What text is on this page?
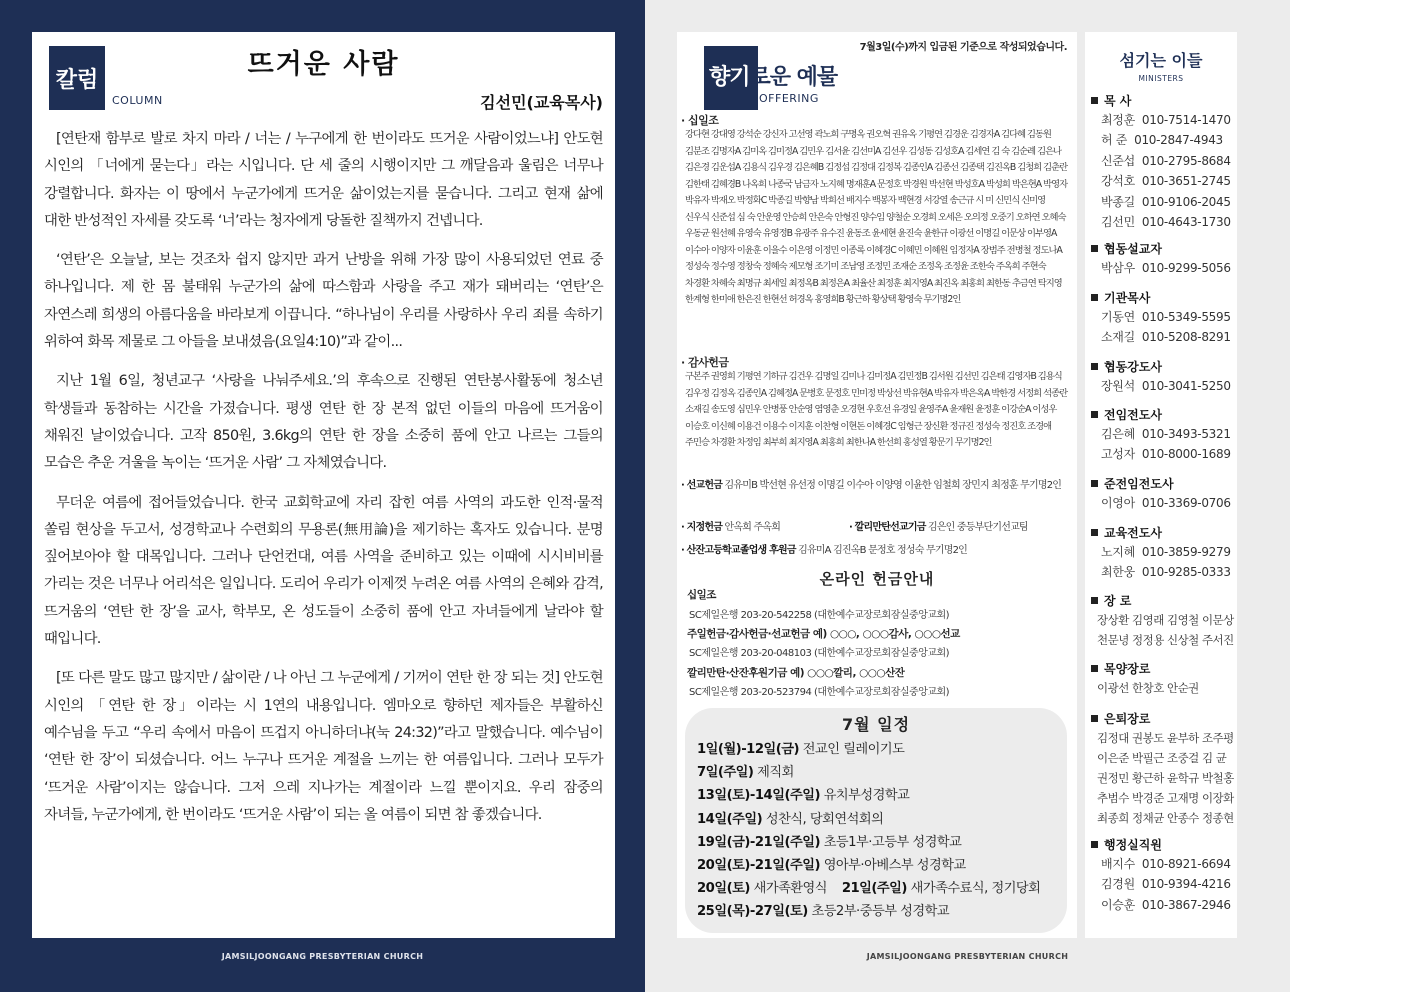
칼럼
COLUMN
뜨거운 사람
김선민(교육목사)

[연탄재 함부로 발로 차지 마라 / 너는 / 누구에게 한 번이라도 뜨거운 사람이었느냐] 안도현 시인의 「너에게 묻는다」라는 시입니다. 단 세 줄의 시행이지만 그 깨달음과 울림은 너무나 강렬합니다. 화자는 이 땅에서 누군가에게 뜨거운 삶이었는지를 묻습니다. 그리고 현재 삶에 대한 반성적인 자세를 갖도록 ‘너’라는 청자에게 당돌한 질책까지 건넵니다.

‘연탄’은 오늘날, 보는 것조차 쉽지 않지만 과거 난방을 위해 가장 많이 사용되었던 연료 중 하나입니다. 제 한 몸 불태워 누군가의 삶에 따스함과 사랑을 주고 재가 돼버리는 ‘연탄’은 자연스레 희생의 아름다움을 바라보게 이끕니다. “하나님이 우리를 사랑하사 우리 죄를 속하기 위하여 화목 제물로 그 아들을 보내셨음(요일4:10)”과 같이...

지난 1월 6일, 청년교구 ‘사랑을 나눠주세요.’의 후속으로 진행된 연탄봉사활동에 청소년 학생들과 동참하는 시간을 가졌습니다. 평생 연탄 한 장 본적 없던 이들의 마음에 뜨거움이 채워진 날이었습니다. 고작 850원, 3.6kg의 연탄 한 장을 소중히 품에 안고 나르는 그들의 모습은 추운 겨울을 녹이는 ‘뜨거운 사람’ 그 자체였습니다.

무더운 여름에 접어들었습니다. 한국 교회학교에 자리 잡힌 여름 사역의 과도한 인적·물적 쏠림 현상을 두고서, 성경학교나 수련회의 무용론(無用論)을 제기하는 혹자도 있습니다. 분명 짚어보아야 할 대목입니다. 그러나 단언컨대, 여름 사역을 준비하고 있는 이때에 시시비비를 가리는 것은 너무나 어리석은 일입니다. 도리어 우리가 이제껏 누려온 여름 사역의 은혜와 감격, 뜨거움의 ‘연탄 한 장’을 교사, 학부모, 온 성도들이 소중히 품에 안고 자녀들에게 날라야 할 때입니다.

[또 다른 말도 많고 많지만 / 삶이란 / 나 아닌 그 누군에게 / 기꺼이 연탄 한 장 되는 것] 안도현 시인의 「연탄 한 장」이라는 시 1연의 내용입니다. 엠마오로 향하던 제자들은 부활하신 예수님을 두고 “우리 속에서 마음이 뜨겁지 아니하더냐(눅 24:32)”라고 말했습니다. 예수님이 ‘연탄 한 장’이 되셨습니다. 어느 누구나 뜨거운 계절을 느끼는 한 여름입니다. 그러나 모두가 ‘뜨거운 사람’이지는 않습니다. 그저 으레 지나가는 계절이라 느낄 뿐이지요. 우리 잠중의 자녀들, 누군가에게, 한 번이라도 ‘뜨거운 사람’이 되는 올 여름이 되면 참 좋겠습니다.

JAMSILJOONGANG PRESBYTERIAN CHURCH
7월3일(수)까지 입금된 기준으로 작성되었습니다.
향기로운 예물
OFFERING
· 십일조
강다현 강대영 강석순 강신자 고선영 곽노희 구명옥 권오혁 권유옥 기평연 김경운 김경자A 김다혜 김동원 김분조 김명자A 김미옥 김미정A 김민우 김서윤 김선미A 김선우 김성동 김성호A 김세연 김 숙 김순례 김은나 김은경 김운섭A 김용식 김우경 김은혜B 김정섭 김정대 김정복 김종인A 김종선 김종택 김진옥B 김청희 김춘란 김한태 김혜경B 나옥희 나종국 남금자 노지혜 명재훈A 문정호 박경원 박선현 박성호A 박성희 박은현A 박영자 박유자 박재오 박정화C 박종길 박향남 박희선 배지수 백봉자 백현경 서강열 송근규 시 미 신민식 신미영 신우식 신준섭 심 숙 안운영 안승희 안은숙 안형진 양수임 양철순 오경희 오세은 오의정 오중기 오하연 오혜숙 우동균 원선혜 유영숙 유영정B 유광주 유수진 윤동조 윤세현 윤진숙 윤한규 이광선 이명길 이문상 이부영A 이수아 이양자 이윤훈 이을수 이은영 이정민 이종록 이혜경C 이혜민 이혜원 임정자A 장범주 전병철 정도나A 정성숙 정수영 정창숙 정혜숙 제모형 조기미 조남영 조정민 조재순 조정옥 조정윤 조한숙 주옥희 주현숙 차경환 차혜숙 최명규 최세일 최정옥B 최정은A 최율산 최정훈 최지영A 최진옥 최홍희 최한동 추금연 탁지영 한계형 한미애 한은진 한현선 허경옥 홍영희B 황근하 황상택 황영숙 무기명2인
· 감사헌금
구본주 권영희 기평연 기하규 김건우 김명일 김미나 김미정A 김민정B 김서원 김선민 김은태 김영자B 김용식 김우정 김정옥 김종인A 김혜정A 문병호 문정호 민미정 박상선 박유현A 박유자 박은옥A 박한경 서정희 석종란 소재길 송도영 심민우 안병풍 안순영 염영춘 오경현 우호선 유경일 윤영주A 윤재원 윤정훈 이강순A 이성우 이승호 이신혜 이용건 이용수 이지훈 이찬형 이현돈 이혜경C 임형근 장신환 정규진 정성숙 정진호 조경애 주민승 차경환 차정임 최부희 최지영A 최홍희 최한나A 한선희 홍성열 황문기 무기명2인
· 선교헌금 김유미B 박선현 유선정 이명길 이수아 이양영 이윤한 임철희 장민지 최정훈 무기명2인
· 지정헌금 안옥희 주옥희	· 깔리만탄선교기금 김은인 중등부단기선교팀
· 산잔고등학교졸업생 후원금 김유미A 김진옥B 문정호 정성숙 무기명2인
온라인 헌금안내
십일조
SC제일은행 203-20-542258 (대한예수교장로회잠실중앙교회)
주일헌금·감사헌금·선교헌금 예) ○○○, ○○○감사, ○○○선교
SC제일은행 203-20-048103 (대한예수교장로회잠실중앙교회)
깔리만탄·산잔후원기금 예) ○○○깔리, ○○○산잔
SC제일은행 203-20-523794 (대한예수교장로회잠실중앙교회)
7월 일정
1일(월)-12일(금) 전교인 릴레이기도
7일(주일) 제직회
13일(토)-14일(주일) 유치부성경학교
14일(주일) 성찬식, 당회연석회의
19일(금)-21일(주일) 초등1부·고등부 성경학교
20일(토)-21일(주일) 영아부·아베스부 성경학교
20일(토) 새가족환영식 21일(주일) 새가족수료식, 정기당회
25일(목)-27일(토) 초등2부·중등부 성경학교
섬기는 이들
MINISTERS
목 사
최정훈 010-7514-1470
허 준 010-2847-4943
신준섭 010-2795-8684
강석호 010-3651-2745
박종길 010-9106-2045
김선민 010-4643-1730
협동설교자
박삼우 010-9299-5056
기관목사
기동연 010-5349-5595
소재길 010-5208-8291
협동강도사
장원석 010-3041-5250
전임전도사
김은혜 010-3493-5321
고성자 010-8000-1689
준전임전도사
이영아 010-3369-0706
교육전도사
노지혜 010-3859-9279
최한웅 010-9285-0333
장 로
장상환 김영래 김영철 이문상 천문녕 정정용 신상철 주서진
목양장로
이광선 한창호 안순권
은퇴장로
김정대 권봉도 윤부하 조주평 이은준 박필근 조중걸 김 균 권정민 황근하 윤학규 박철홍 추범수 박경준 고재명 이장화 최종희 정채균 안종수 정종현
행정실직원
배지수 010-8921-6694
김경원 010-9394-4216
이승훈 010-3867-2946
JAMSILJOONGANG PRESBYTERIAN CHURCH
